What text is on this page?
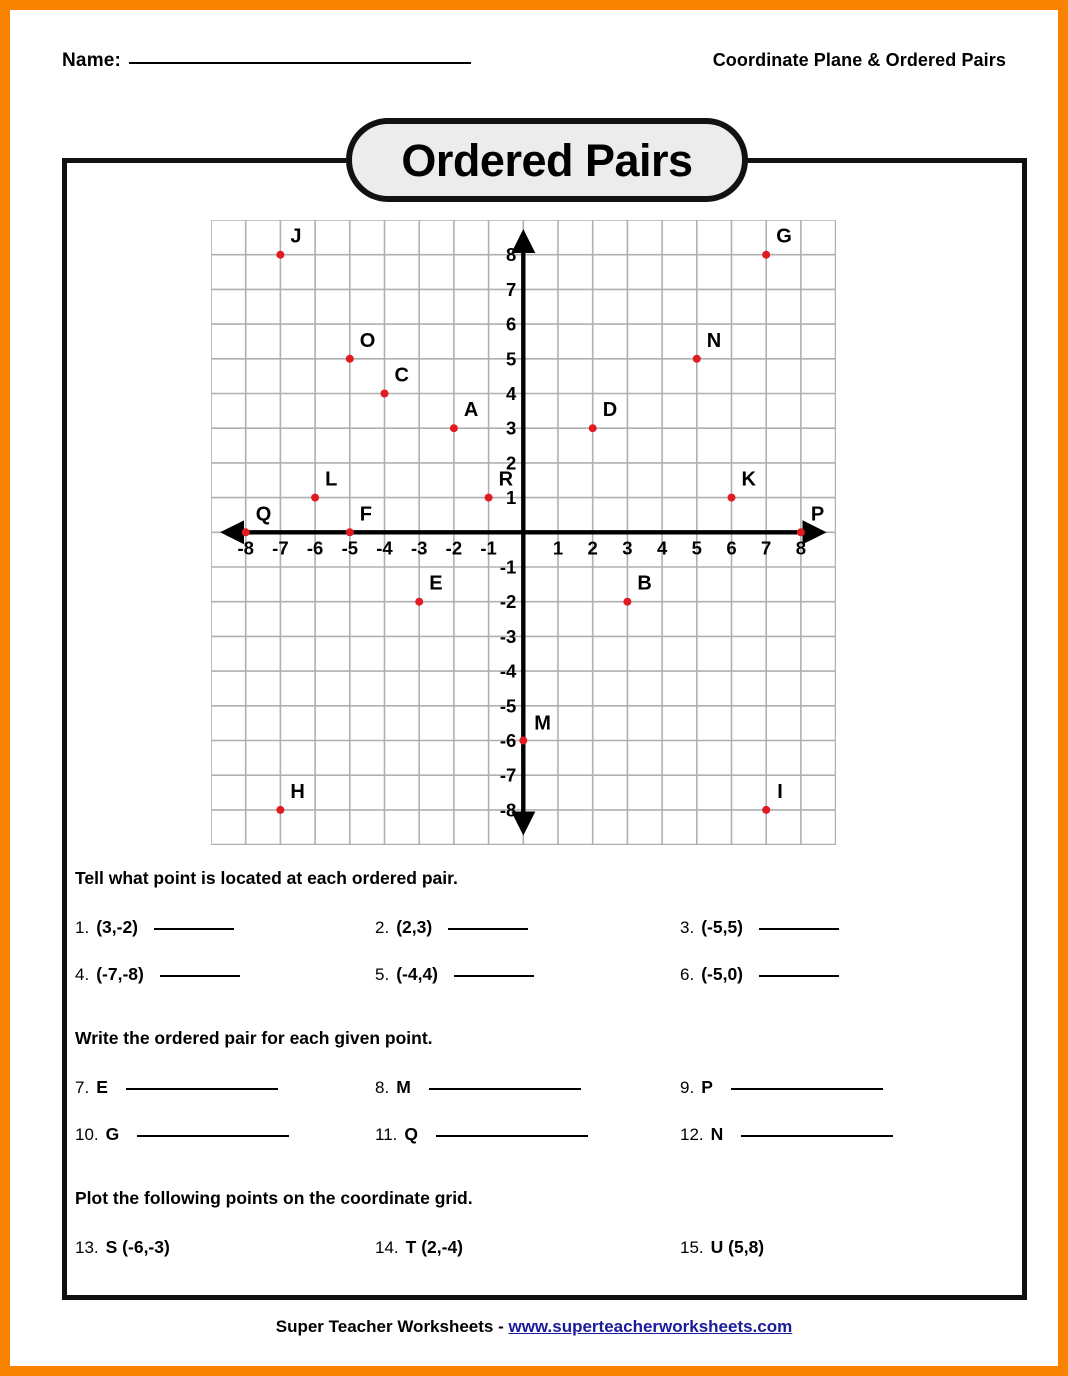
Name:	Coordinate Plane & Ordered Pairs
Ordered Pairs
-8 -7 -6 -5 -4 -3 -2 -1	1 2 3 4 5 6 7 8
-8
-7
-6
-5
-4
-3
-2
-1
1
2
3
4
5
6
7
8
J	G
O	N
C
A	D
L	R	K
Q	F	P
E	B
M
H	I
Tell what point is located at each ordered pair.
1. (3,-2)	2. (2,3)	3. (-5,5)
4. (-7,-8)	5. (-4,4)	6. (-5,0)
Write the ordered pair for each given point.
7. E	8. M	9. P
10. G	11. Q	12. N
Plot the following points on the coordinate grid.
13. S (-6,-3)	14. T (2,-4)	15. U (5,8)
Super Teacher Worksheets - www.superteacherworksheets.com
